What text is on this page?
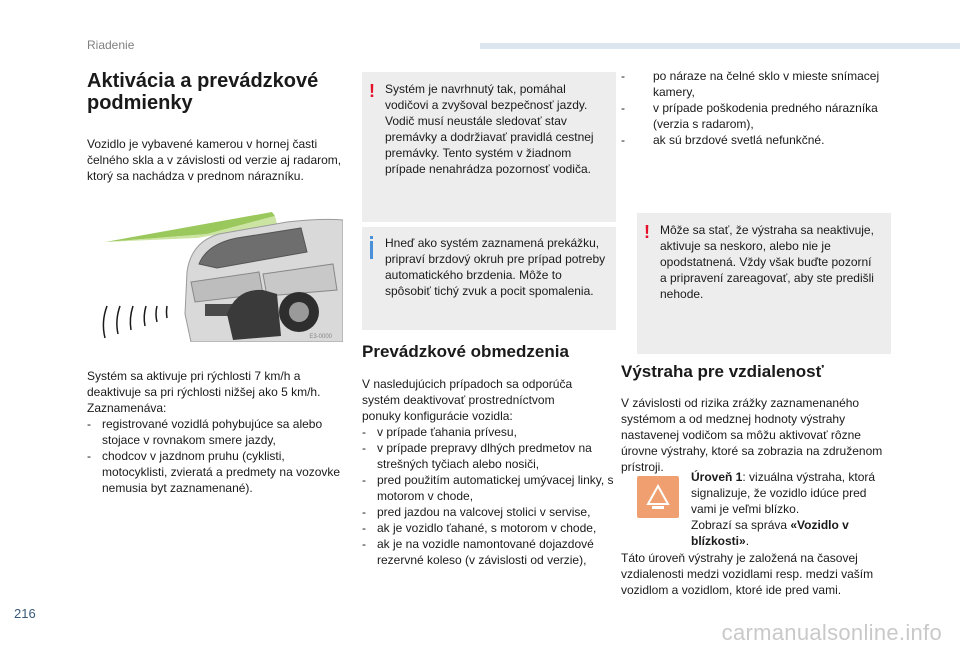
Riadenie
Aktivácia a prevádzkové
podmienky

Vozidlo je vybavené kamerou v hornej časti čelného skla a v závislosti od verzie aj radarom, ktorý sa nachádza v prednom nárazníku.

E3-0000

Systém sa aktivuje pri rýchlosti 7 km/h a deaktivuje sa pri rýchlosti nižšej ako 5 km/h.

Zaznamenáva:

- registrované vozidlá pohybujúce sa alebo stojace v rovnakom smere jazdy,
- chodcov v jazdnom pruhu (cyklisti, motocyklisti, zvieratá a predmety na vozovke nemusia byt zaznamenané).
! Systém je navrhnutý tak, pomáhal vodičovi a zvyšoval bezpečnosť jazdy. Vodič musí neustále sledovať stav premávky a dodržiavať pravidlá cestnej premávky. Tento systém v žiadnom prípade nenahrádza pozornosť vodiča.

Hneď ako systém zaznamená prekážku, pripraví brzdový okruh pre prípad potreby automatického brzdenia. Môže to spôsobiť tichý zvuk a pocit spomalenia.

Prevádzkové obmedzenia

V nasledujúcich prípadoch sa odporúča systém deaktivovať prostredníctvom ponuky konfigurácie vozidla:

- v prípade ťahania prívesu,
- v prípade prepravy dlhých predmetov na strešných tyčiach alebo nosiči,
- pred použitím automatickej umývacej linky, s motorom v chode,
- pred jazdou na valcovej stolici v servise,
- ak je vozidlo ťahané, s motorom v chode,
- ak je na vozidle namontované dojazdové rezervné koleso (v závislosti od verzie),
- po náraze na čelné sklo v mieste snímacej kamery,
- v prípade poškodenia predného nárazníka (verzia s radarom),
- ak sú brzdové svetlá nefunkčné.
! Môže sa stať, že výstraha sa neaktivuje, aktivuje sa neskoro, alebo nie je opodstatnená. Vždy však buďte pozorní a pripravení zareagovať, aby ste predišli nehode.

Výstraha pre vzdialenosť

V závislosti od rizika zrážky zaznamenaného systémom a od medznej hodnoty výstrahy nastavenej vodičom sa môžu aktivovať rôzne úrovne výstrahy, ktoré sa zobrazia na združenom prístroji.

Úroveň 1: vizuálna výstraha, ktorá signalizuje, že vozidlo idúce pred vami je veľmi blízko.

Zobrazí sa správa «Vozidlo v blízkosti».

Táto úroveň výstrahy je založená na časovej vzdialenosti medzi vozidlami resp. medzi vaším vozidlom a vozidlom, ktoré ide pred vami.

216
carmanualsonline.info
